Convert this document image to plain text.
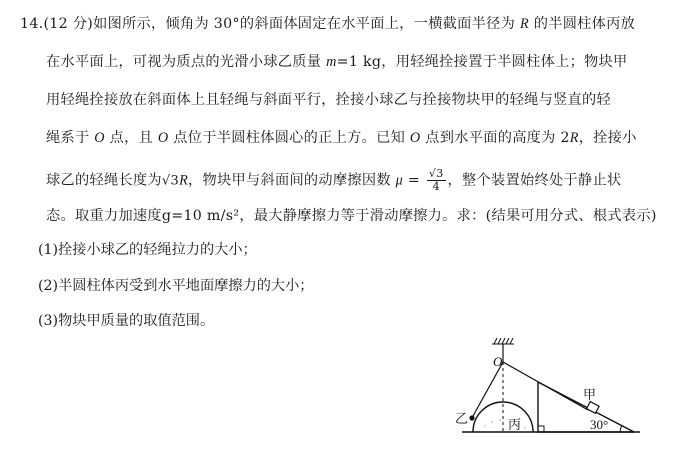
14.(12 分)如图所示，倾角为 30°的斜面体固定在水平面上，一横截面半径为 R 的半圆柱体丙放
在水平面上，可视为质点的光滑小球乙质量 m=1 kg，用轻绳拴接置于半圆柱体上；物块甲
用轻绳拴接放在斜面体上且轻绳与斜面平行，拴接小球乙与拴接物块甲的轻绳与竖直的轻
绳系于 O 点，且 O 点位于半圆柱体圆心的正上方。已知 O 点到水平面的高度为 2R，拴接小
球乙的轻绳长度为√3R，物块甲与斜面间的动摩擦因数 $\mu = \frac{√3}{4}$ ，整个装置始终处于静止状
态。取重力加速度g=10 m/s²，最大静摩擦力等于滑动摩擦力。求：(结果可用分式、根式表示)
(1)拴接小球乙的轻绳拉力的大小；
(2)半圆柱体丙受到水平地面摩擦力的大小；
(3)物块甲质量的取值范围。
O
乙	丙
甲
30°
